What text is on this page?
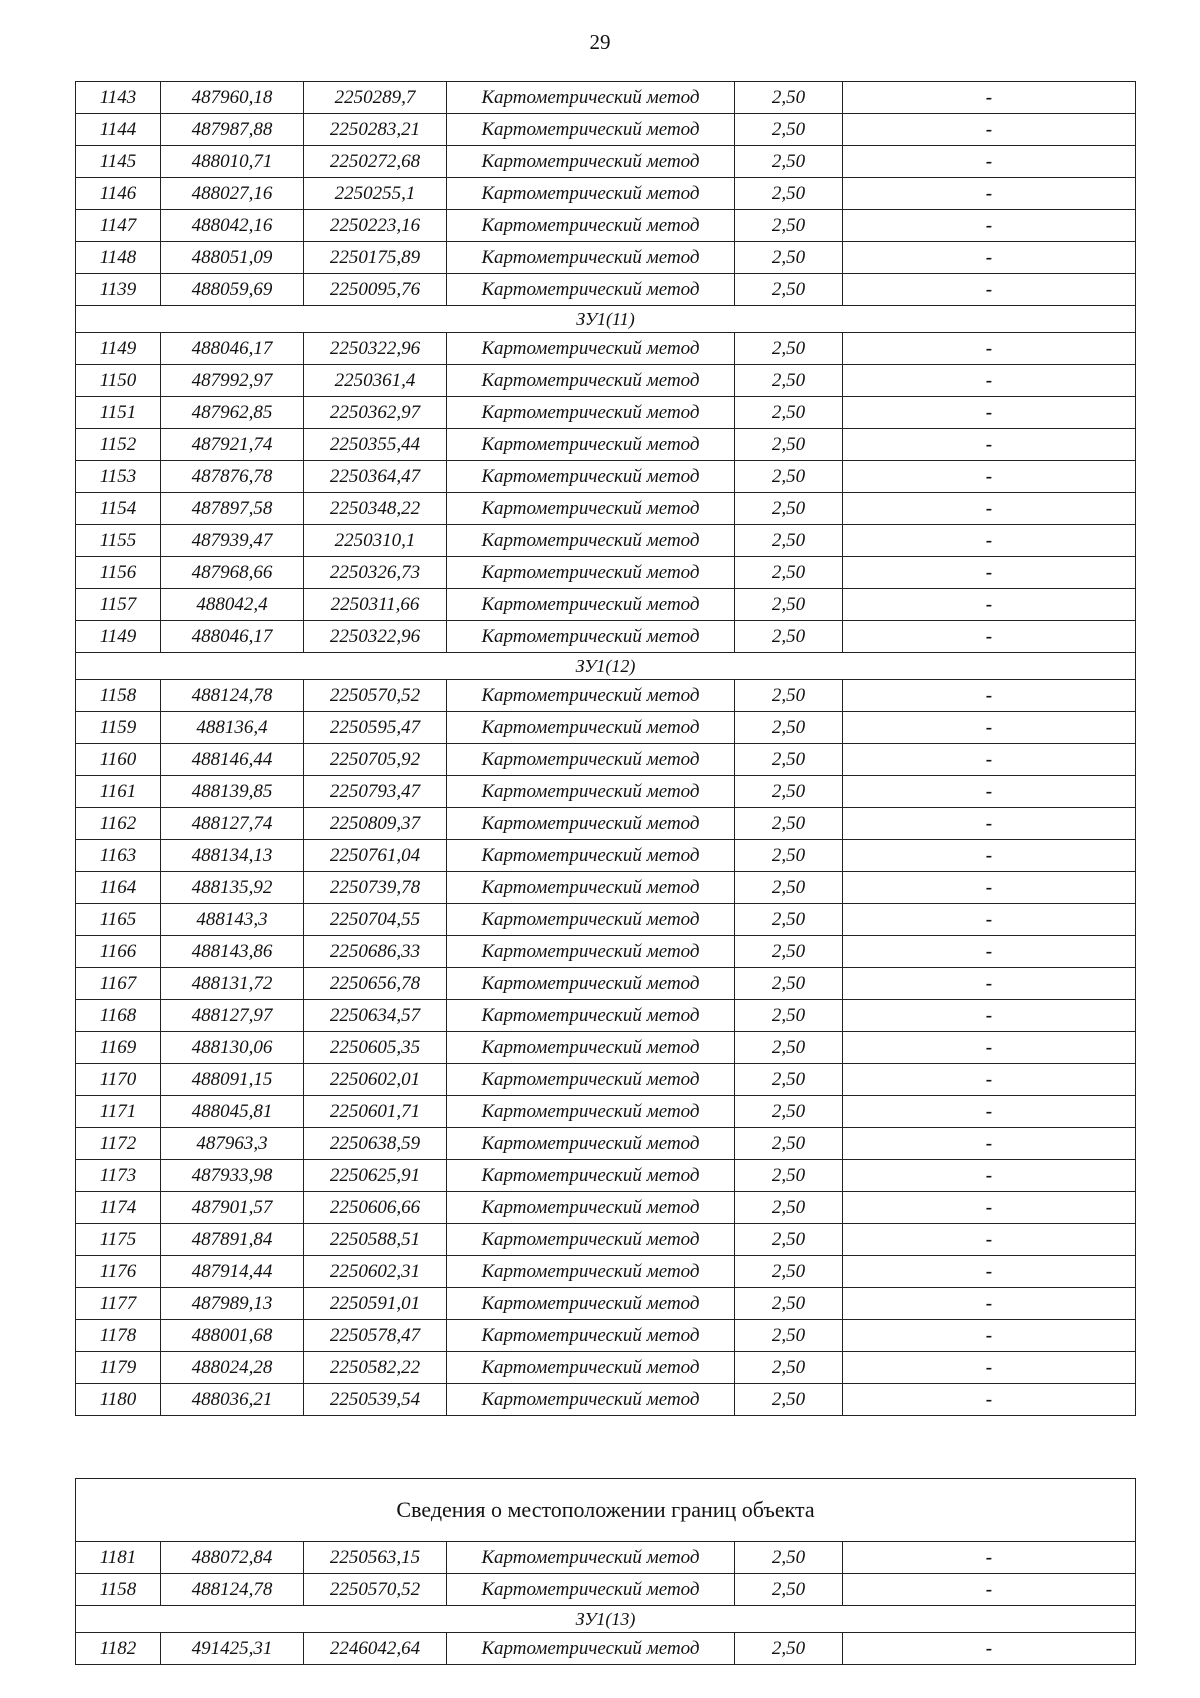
29
1143	487960,18	2250289,7	Картометрический метод	2,50	-
1144	487987,88	2250283,21	Картометрический метод	2,50	-
1145	488010,71	2250272,68	Картометрический метод	2,50	-
1146	488027,16	2250255,1	Картометрический метод	2,50	-
1147	488042,16	2250223,16	Картометрический метод	2,50	-
1148	488051,09	2250175,89	Картометрический метод	2,50	-
1139	488059,69	2250095,76	Картометрический метод	2,50	-
ЗУ1(11)					
1149	488046,17	2250322,96	Картометрический метод	2,50	-
1150	487992,97	2250361,4	Картометрический метод	2,50	-
1151	487962,85	2250362,97	Картометрический метод	2,50	-
1152	487921,74	2250355,44	Картометрический метод	2,50	-
1153	487876,78	2250364,47	Картометрический метод	2,50	-
1154	487897,58	2250348,22	Картометрический метод	2,50	-
1155	487939,47	2250310,1	Картометрический метод	2,50	-
1156	487968,66	2250326,73	Картометрический метод	2,50	-
1157	488042,4	2250311,66	Картометрический метод	2,50	-
1149	488046,17	2250322,96	Картометрический метод	2,50	-
ЗУ1(12)					
1158	488124,78	2250570,52	Картометрический метод	2,50	-
1159	488136,4	2250595,47	Картометрический метод	2,50	-
1160	488146,44	2250705,92	Картометрический метод	2,50	-
1161	488139,85	2250793,47	Картометрический метод	2,50	-
1162	488127,74	2250809,37	Картометрический метод	2,50	-
1163	488134,13	2250761,04	Картометрический метод	2,50	-
1164	488135,92	2250739,78	Картометрический метод	2,50	-
1165	488143,3	2250704,55	Картометрический метод	2,50	-
1166	488143,86	2250686,33	Картометрический метод	2,50	-
1167	488131,72	2250656,78	Картометрический метод	2,50	-
1168	488127,97	2250634,57	Картометрический метод	2,50	-
1169	488130,06	2250605,35	Картометрический метод	2,50	-
1170	488091,15	2250602,01	Картометрический метод	2,50	-
1171	488045,81	2250601,71	Картометрический метод	2,50	-
1172	487963,3	2250638,59	Картометрический метод	2,50	-
1173	487933,98	2250625,91	Картометрический метод	2,50	-
1174	487901,57	2250606,66	Картометрический метод	2,50	-
1175	487891,84	2250588,51	Картометрический метод	2,50	-
1176	487914,44	2250602,31	Картометрический метод	2,50	-
1177	487989,13	2250591,01	Картометрический метод	2,50	-
1178	488001,68	2250578,47	Картометрический метод	2,50	-
1179	488024,28	2250582,22	Картометрический метод	2,50	-
1180	488036,21	2250539,54	Картометрический метод	2,50	-
Сведения о местоположении границ объекта					
1181	488072,84	2250563,15	Картометрический метод	2,50	-
1158	488124,78	2250570,52	Картометрический метод	2,50	-
ЗУ1(13)					
1182	491425,31	2246042,64	Картометрический метод	2,50	-
